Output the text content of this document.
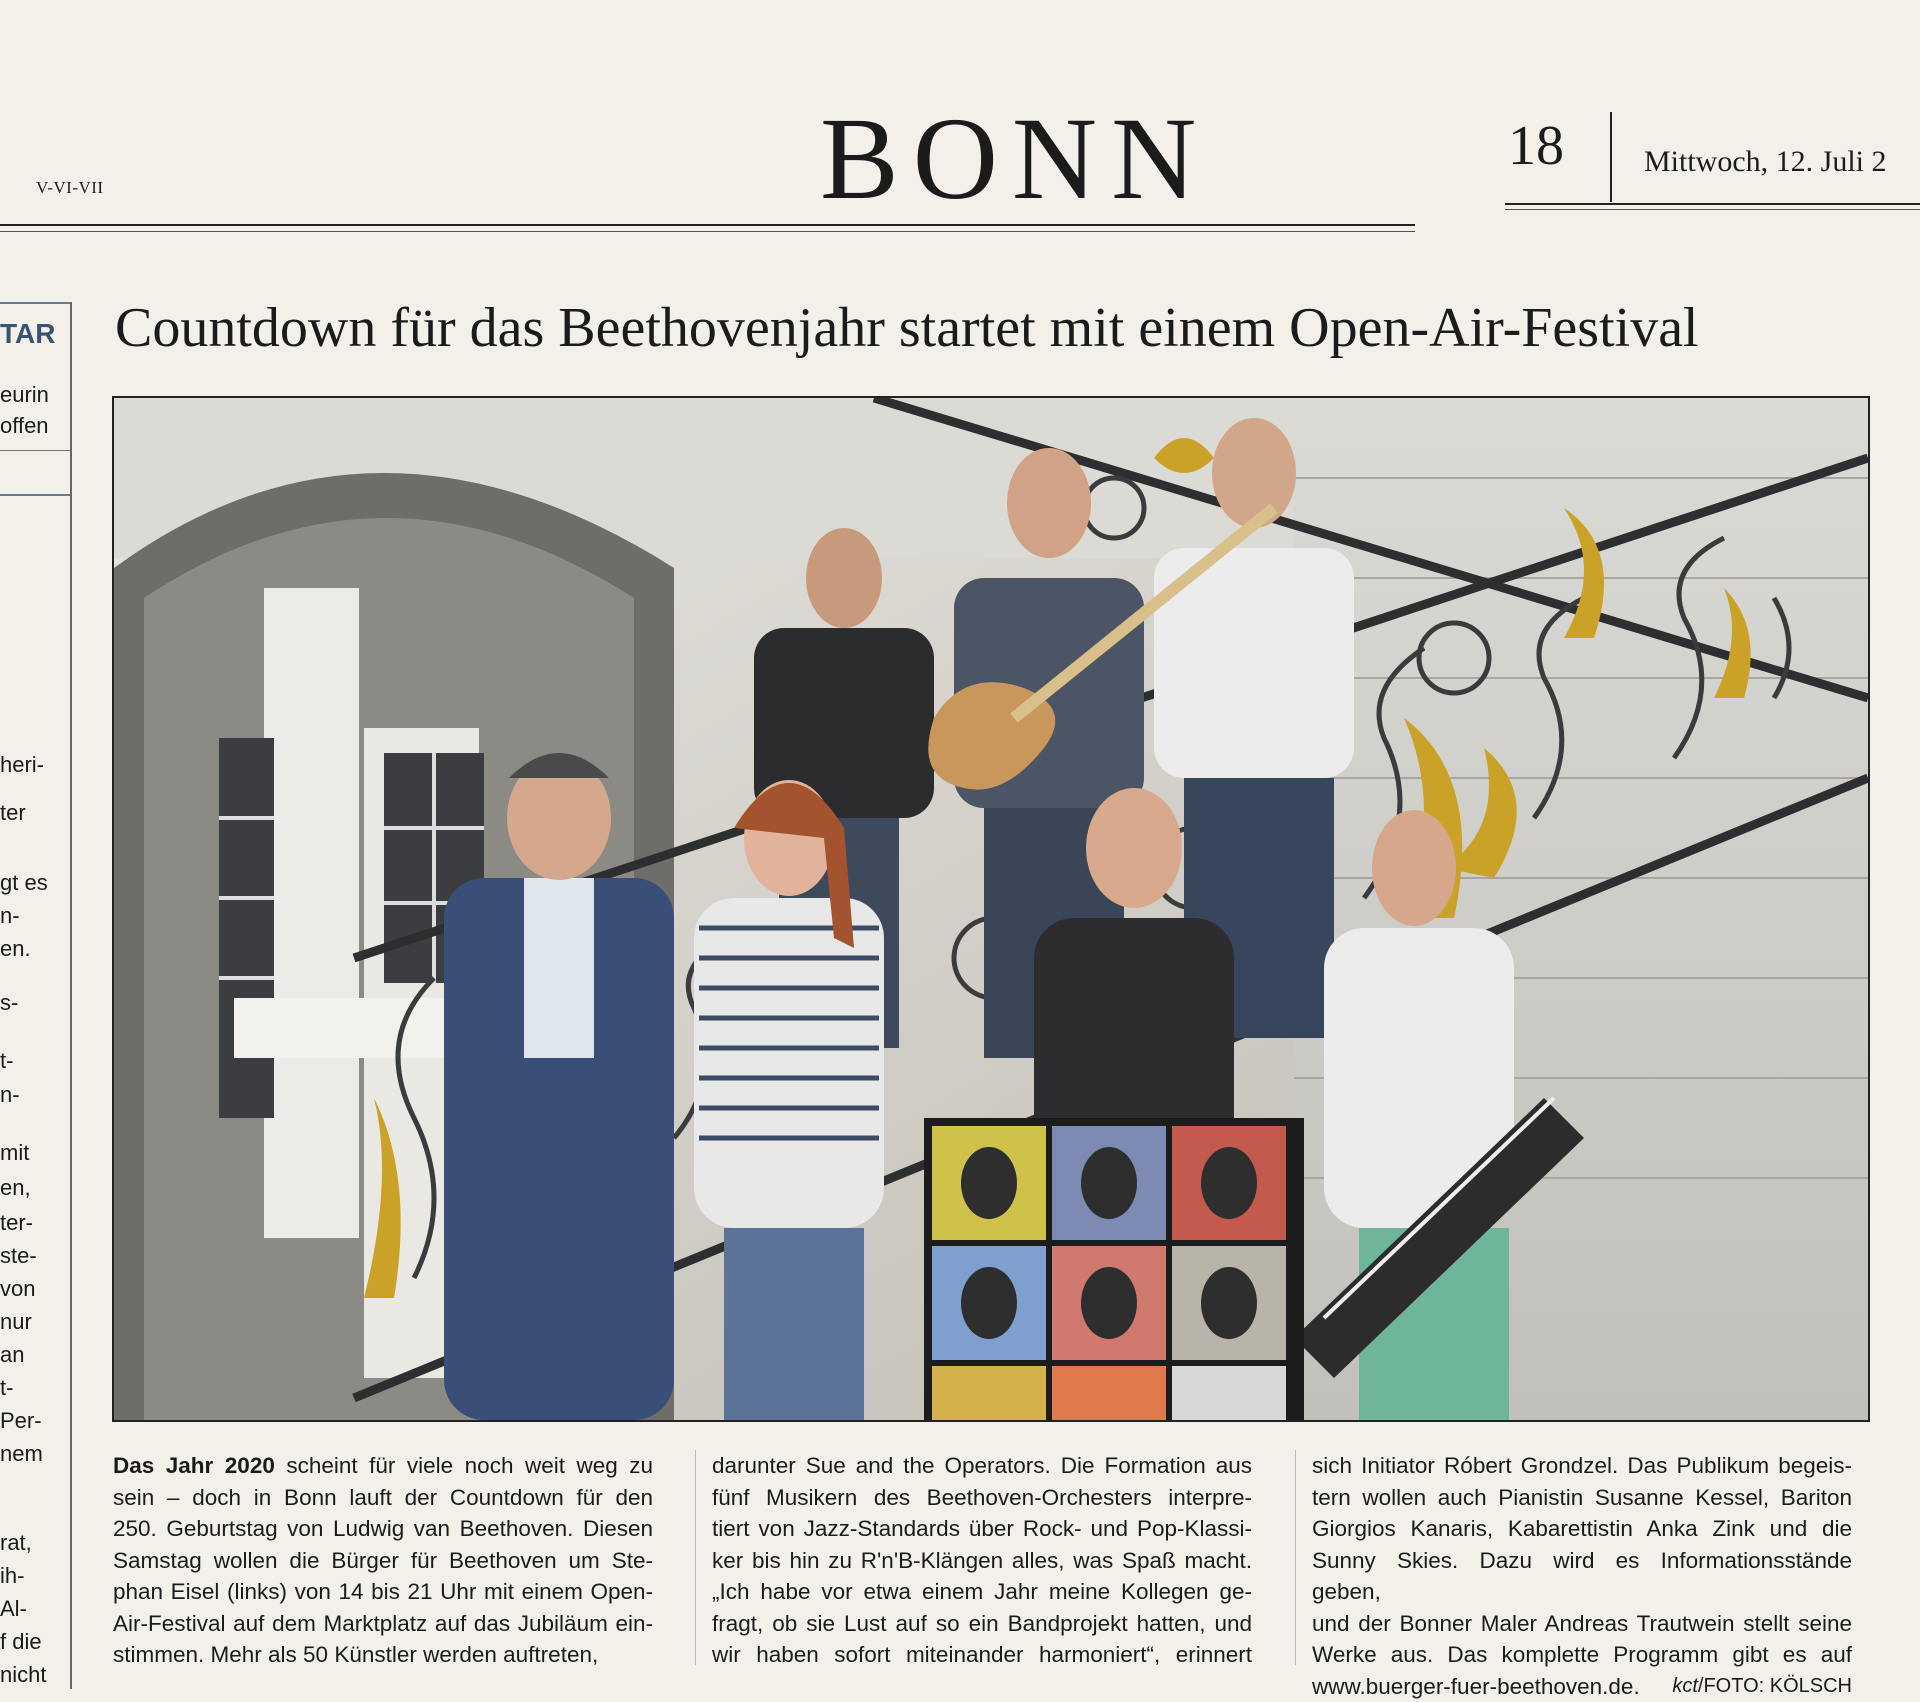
V-VI-VII	BONN	18	Mittwoch, 12. Juli 2
TAR
eurin
offen
heri-
ter
gt es
n-
en.
s-
t-
n-
mit
en,
ter-
ste-
von
nur
an
t-
Per-
nem
rat,
ih-
Al-
f die
nicht
Countdown für das Beethovenjahr startet mit einem Open-Air-Festival

Das Jahr 2020 scheint für viele noch weit weg zu

sein – doch in Bonn lauft der Countdown für den

250. Geburtstag von Ludwig van Beethoven. Diesen

Samstag wollen die Bürger für Beethoven um Ste-

phan Eisel (links) von 14 bis 21 Uhr mit einem Open-

Air-Festival auf dem Marktplatz auf das Jubiläum ein-

stimmen. Mehr als 50 Künstler werden auftreten,

darunter Sue and the Operators. Die Formation aus

fünf Musikern des Beethoven-Orchesters interpre-

tiert von Jazz-Standards über Rock- und Pop-Klassi-

ker bis hin zu R'n'B-Klängen alles, was Spaß macht.

„Ich habe vor etwa einem Jahr meine Kollegen ge-

fragt, ob sie Lust auf so ein Bandprojekt hatten, und

wir haben sofort miteinander harmoniert“, erinnert

sich Initiator Róbert Grondzel. Das Publikum begeis-

tern wollen auch Pianistin Susanne Kessel, Bariton

Giorgios Kanaris, Kabarettistin Anka Zink und die

Sunny Skies. Dazu wird es Informationsstände geben,

und der Bonner Maler Andreas Trautwein stellt seine

Werke aus. Das komplette Programm gibt es auf

www.buerger-fuer-beethoven.de. kct/FOTO: KÖLSCH
